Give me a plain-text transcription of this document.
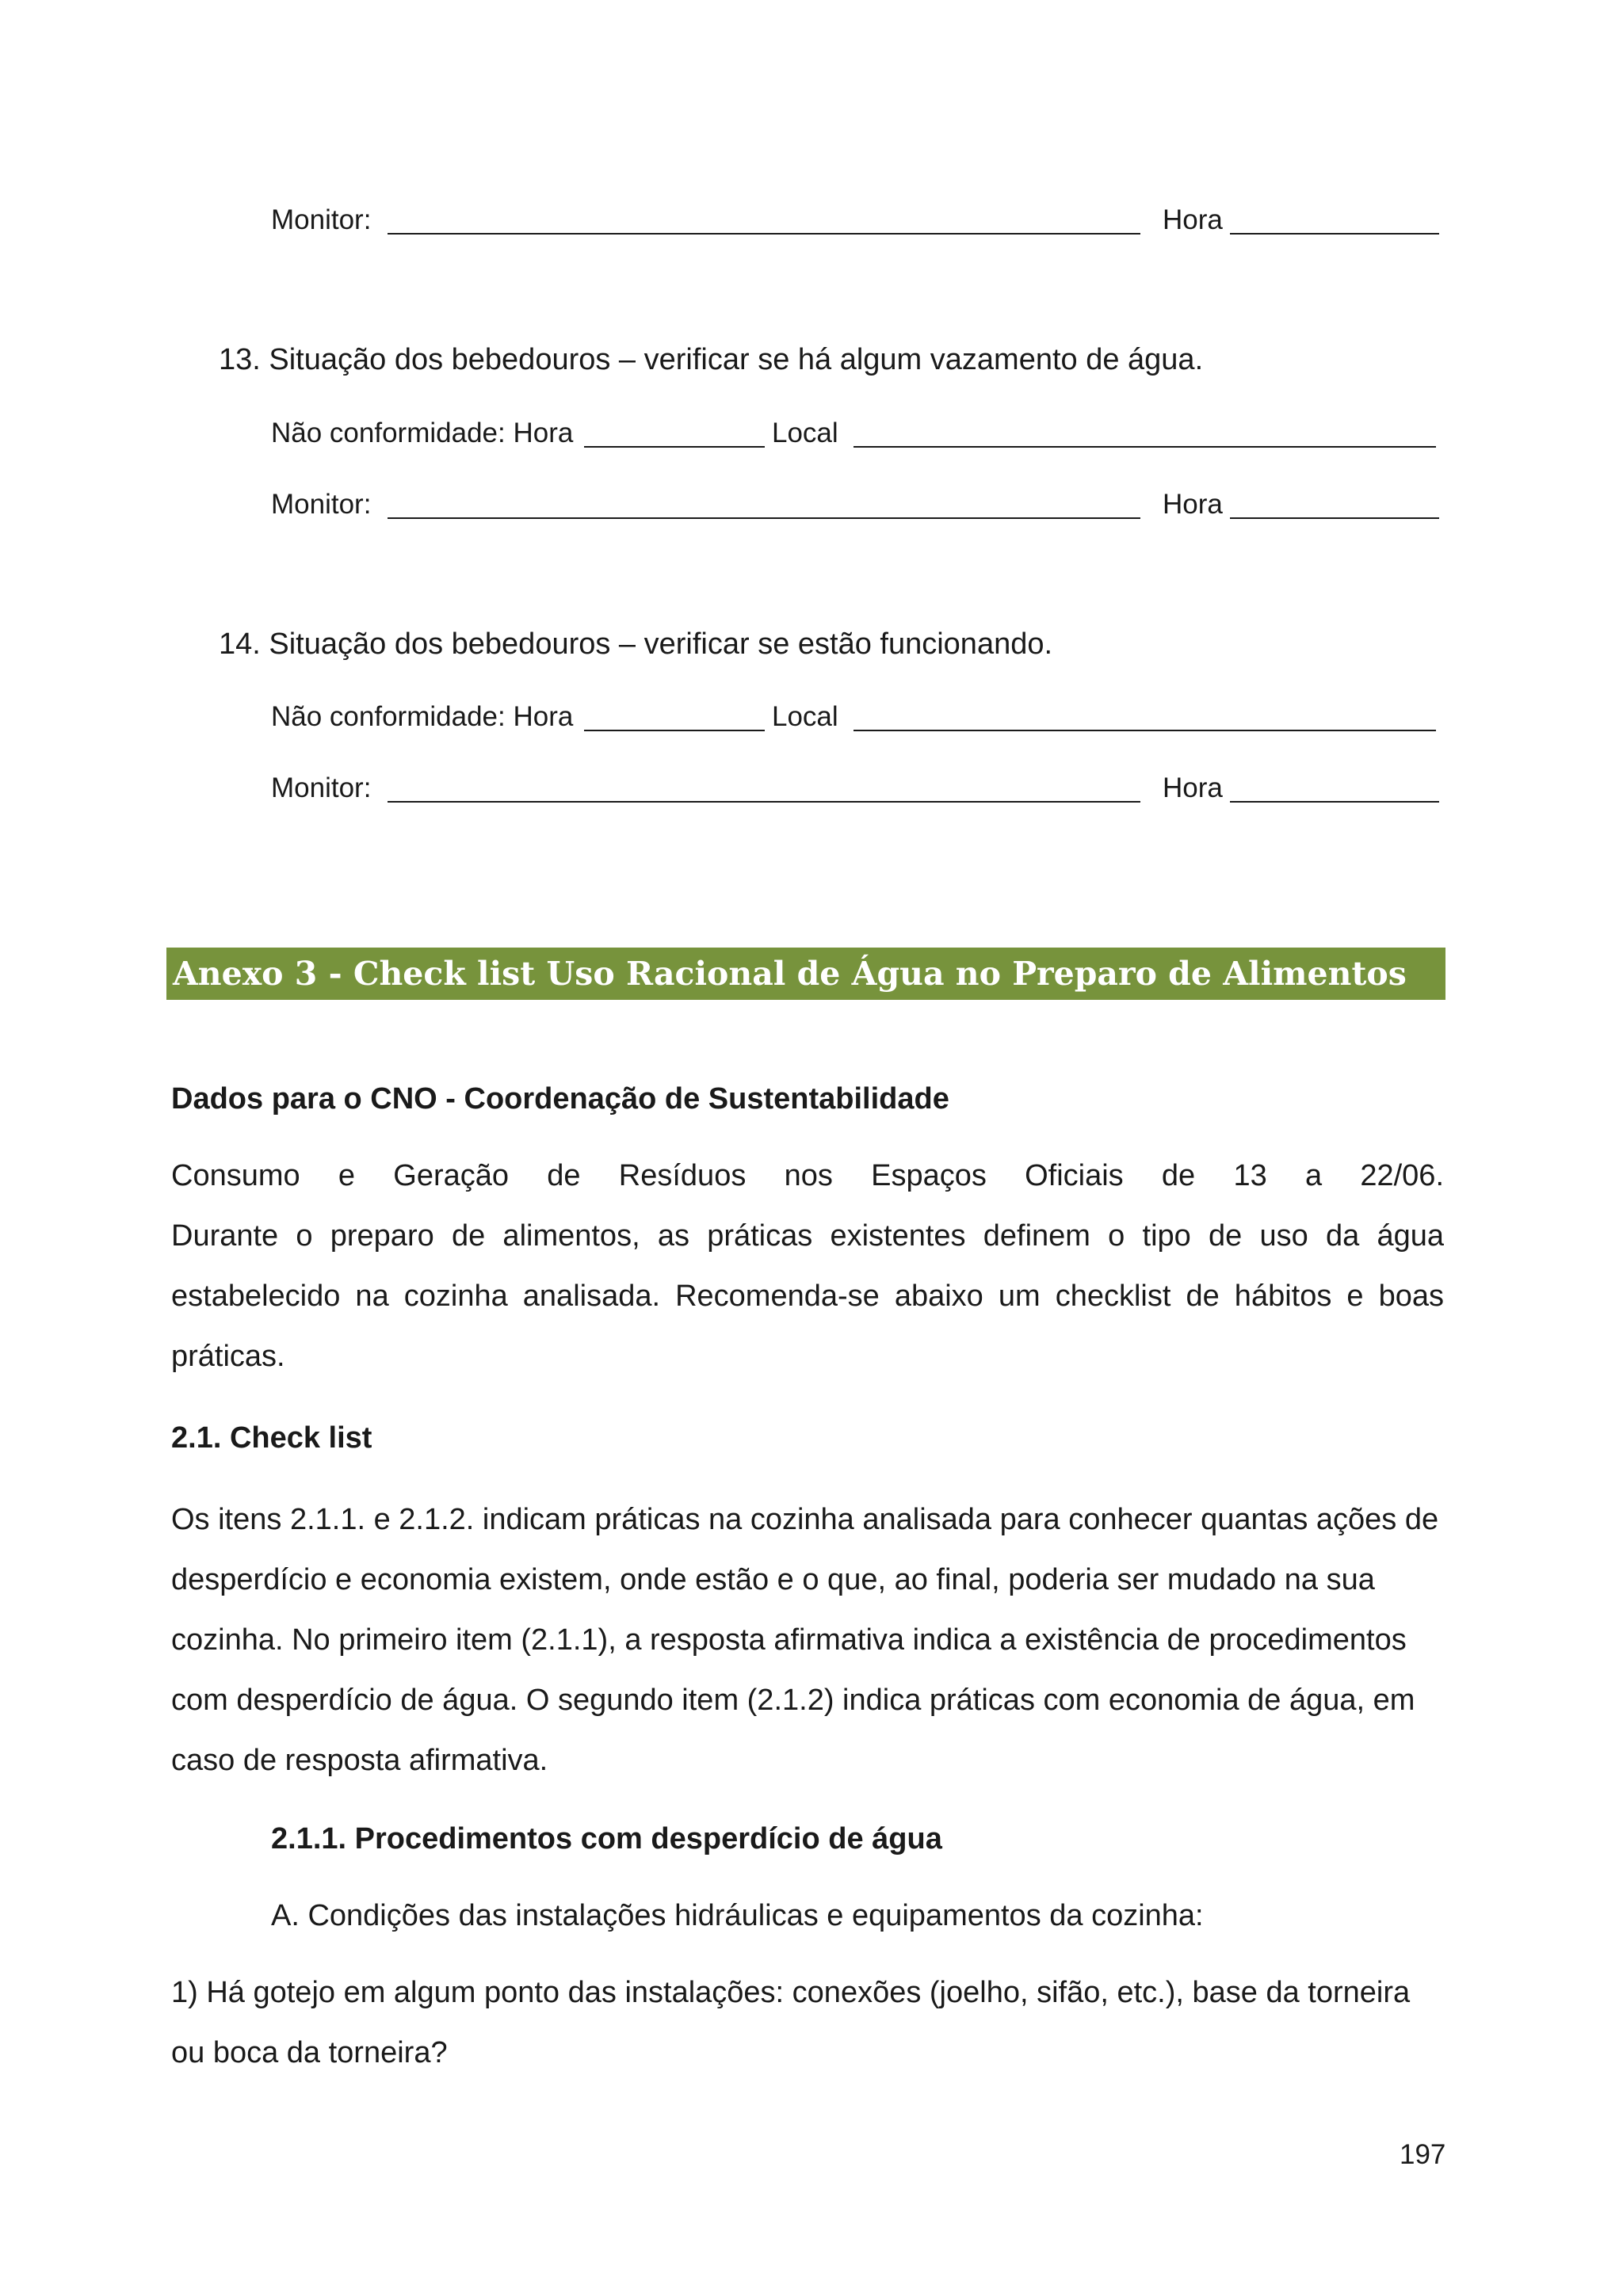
Monitor:	Hora
13. Situação dos bebedouros – verificar se há algum vazamento de água.
Não conformidade: Hora	Local
Monitor:	Hora
14. Situação dos bebedouros – verificar se estão funcionando.
Não conformidade: Hora	Local
Monitor:	Hora
Anexo 3 - Check list Uso Racional de Água no Preparo de Alimentos
Dados para o CNO - Coordenação de Sustentabilidade
Consumo e Geração de Resíduos nos Espaços Oficiais de 13 a 22/06.
Durante o preparo de alimentos, as práticas existentes definem o tipo de uso da água
estabelecido na cozinha analisada. Recomenda-se abaixo um checklist de hábitos e boas
práticas.
2.1. Check list
Os itens 2.1.1. e 2.1.2. indicam práticas na cozinha analisada para conhecer quantas ações de
desperdício e economia existem, onde estão e o que, ao final, poderia ser mudado na sua
cozinha. No primeiro item (2.1.1), a resposta afirmativa indica a existência de procedimentos
com desperdício de água. O segundo item (2.1.2) indica práticas com economia de água, em
caso de resposta afirmativa.
2.1.1. Procedimentos com desperdício de água
A. Condições das instalações hidráulicas e equipamentos da cozinha:
1) Há gotejo em algum ponto das instalações: conexões (joelho, sifão, etc.), base da torneira
ou boca da torneira?
197
